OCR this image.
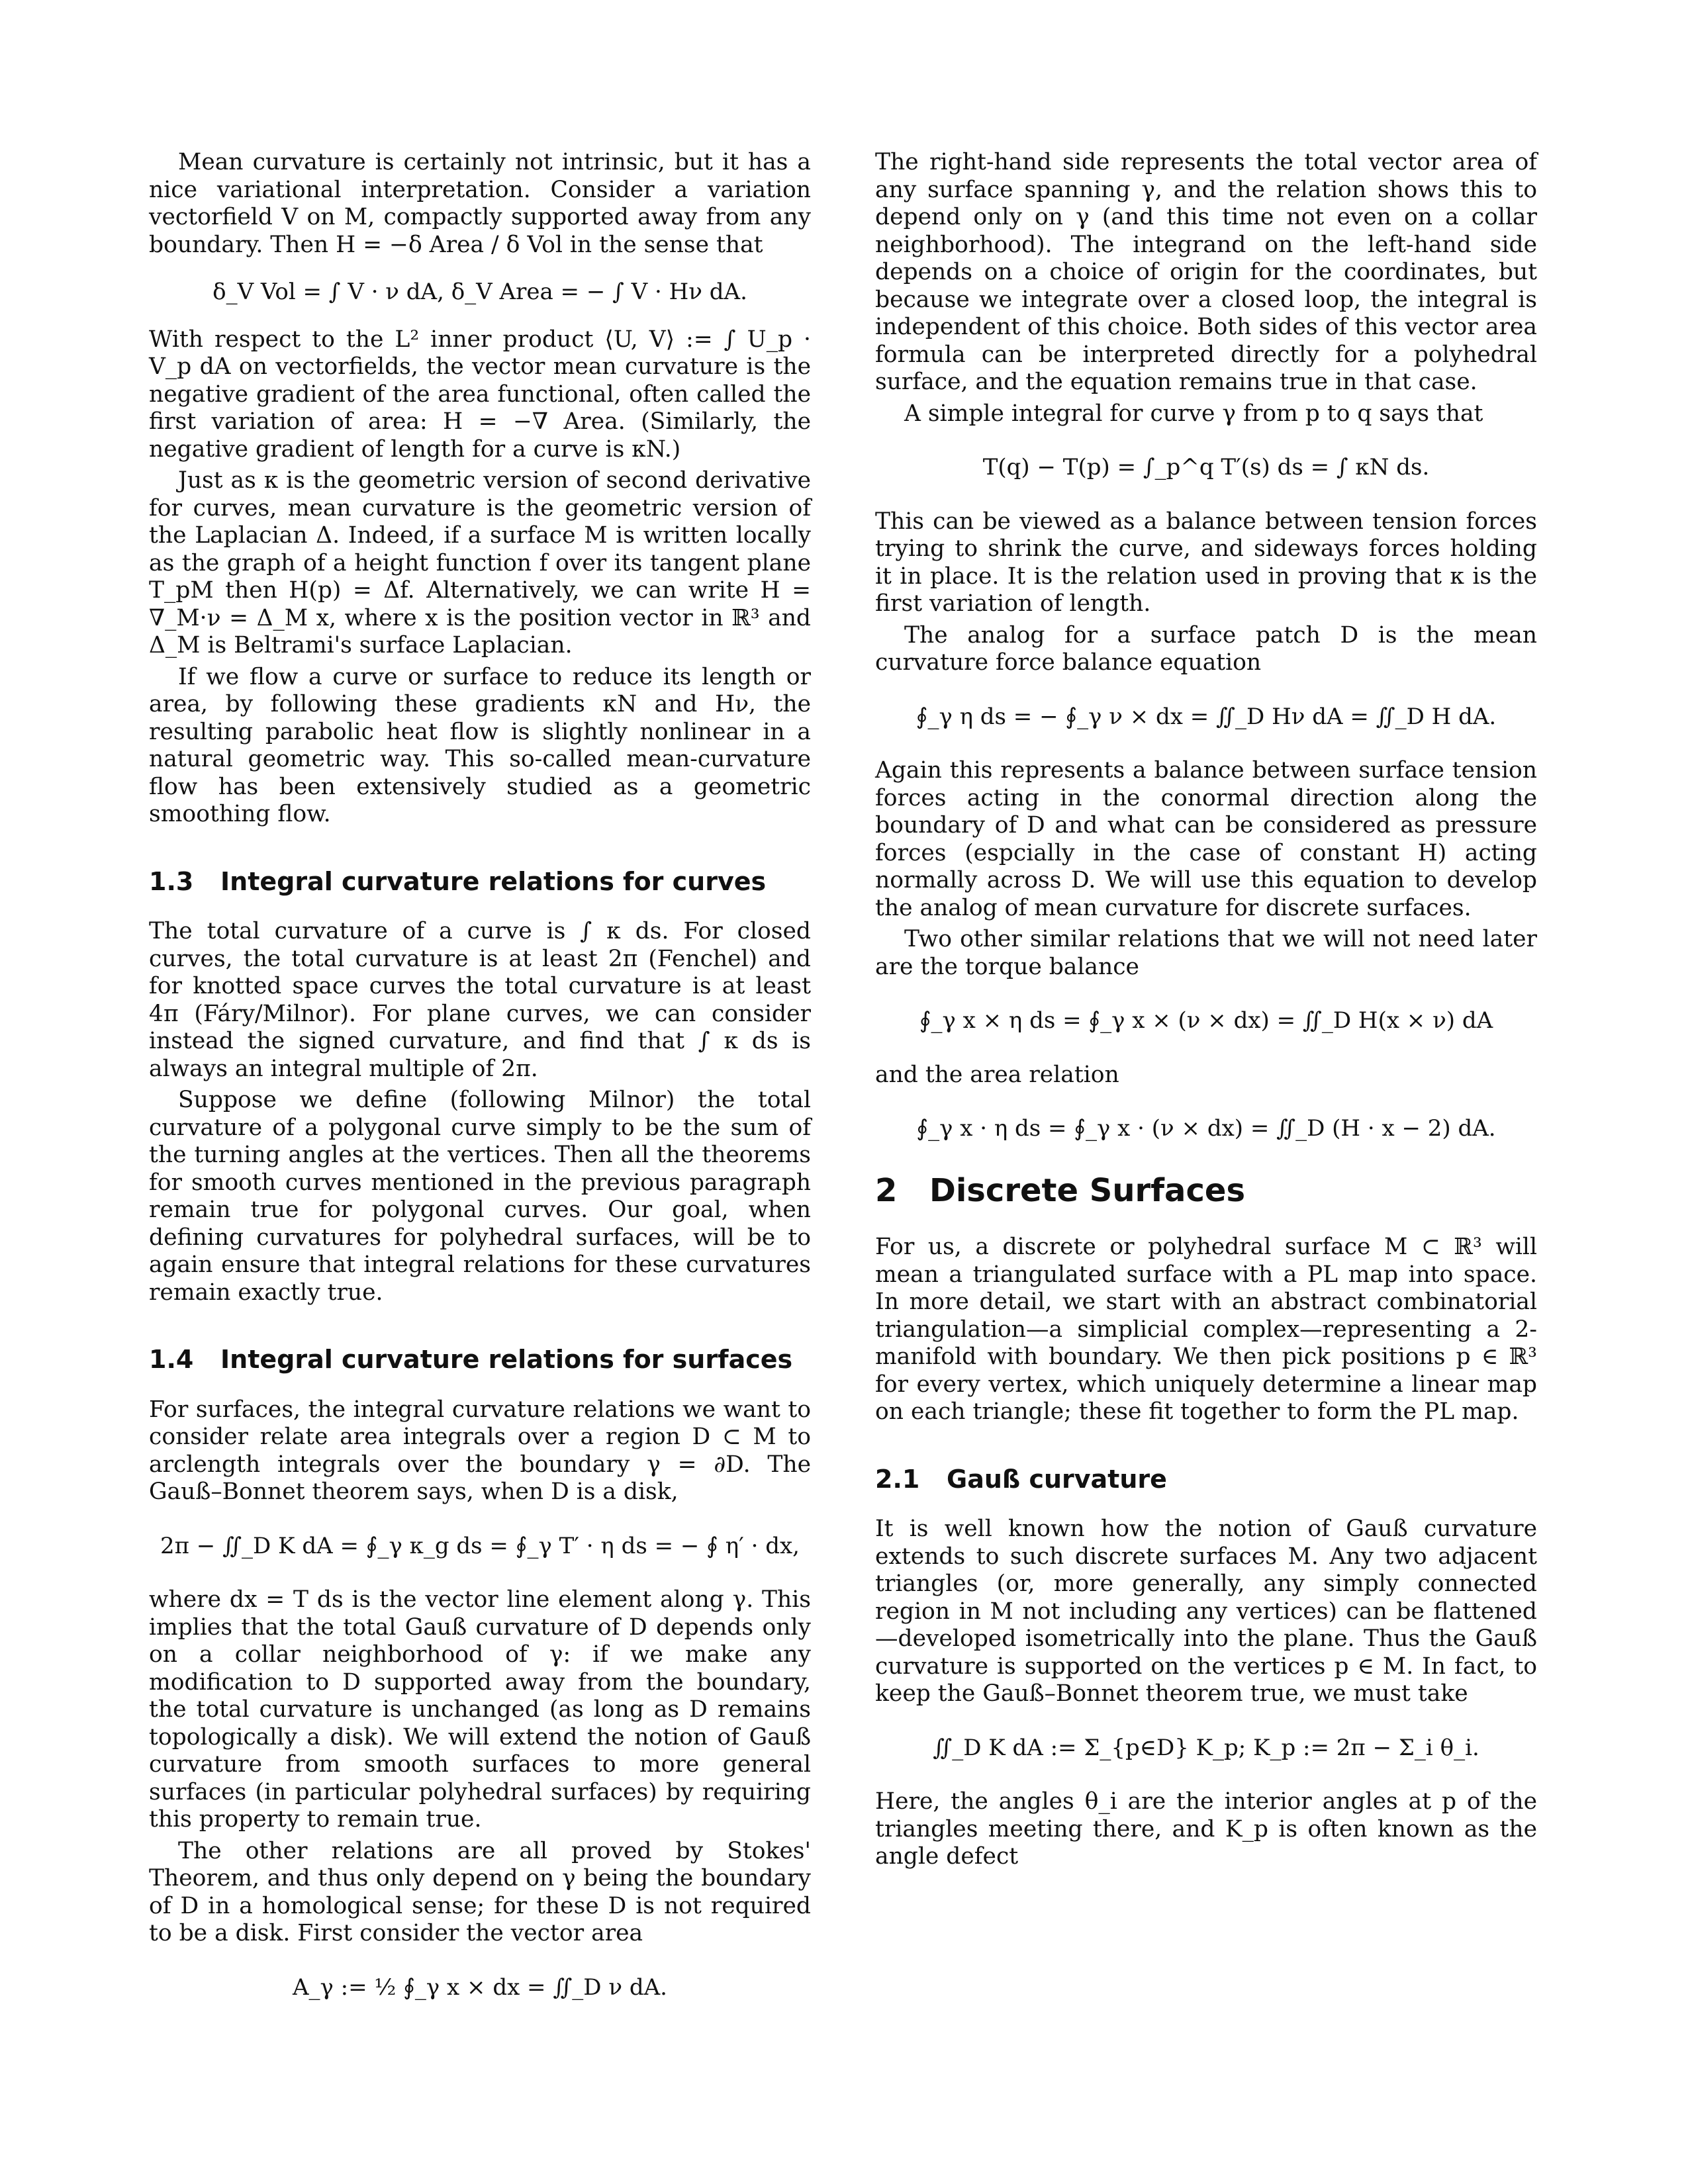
Mean curvature is certainly not intrinsic, but it has a nice variational interpretation. Consider a variation vectorfield V on M, compactly supported away from any boundary. Then H = −δ Area / δ Vol in the sense that

δ_V Vol = ∫ V · ν dA, δ_V Area = − ∫ V · Hν dA.

With respect to the L² inner product ⟨U, V⟩ := ∫ U_p · V_p dA on vectorfields, the vector mean curvature is the negative gradient of the area functional, often called the first variation of area: H = −∇ Area. (Similarly, the negative gradient of length for a curve is κN.)

Just as κ is the geometric version of second derivative for curves, mean curvature is the geometric version of the Laplacian Δ. Indeed, if a surface M is written locally as the graph of a height function f over its tangent plane T_pM then H(p) = Δf. Alternatively, we can write H = ∇_M·ν = Δ_M x, where x is the position vector in ℝ³ and Δ_M is Beltrami's surface Laplacian.

If we flow a curve or surface to reduce its length or area, by following these gradients κN and Hν, the resulting parabolic heat flow is slightly nonlinear in a natural geometric way. This so-called mean-curvature flow has been extensively studied as a geometric smoothing flow.

1.3 Integral curvature relations for curves

The total curvature of a curve is ∫ κ ds. For closed curves, the total curvature is at least 2π (Fenchel) and for knotted space curves the total curvature is at least 4π (Fáry/Milnor). For plane curves, we can consider instead the signed curvature, and find that ∫ κ ds is always an integral multiple of 2π.

Suppose we define (following Milnor) the total curvature of a polygonal curve simply to be the sum of the turning angles at the vertices. Then all the theorems for smooth curves mentioned in the previous paragraph remain true for polygonal curves. Our goal, when defining curvatures for polyhedral surfaces, will be to again ensure that integral relations for these curvatures remain exactly true.

1.4 Integral curvature relations for surfaces

For surfaces, the integral curvature relations we want to consider relate area integrals over a region D ⊂ M to arclength integrals over the boundary γ = ∂D. The Gauß–Bonnet theorem says, when D is a disk,

2π − ∬_D K dA = ∮_γ κ_g ds = ∮_γ T′ · η ds = − ∮ η′ · dx,

where dx = T ds is the vector line element along γ. This implies that the total Gauß curvature of D depends only on a collar neighborhood of γ: if we make any modification to D supported away from the boundary, the total curvature is unchanged (as long as D remains topologically a disk). We will extend the notion of Gauß curvature from smooth surfaces to more general surfaces (in particular polyhedral surfaces) by requiring this property to remain true.

The other relations are all proved by Stokes' Theorem, and thus only depend on γ being the boundary of D in a homological sense; for these D is not required to be a disk. First consider the vector area

A_γ := ½ ∮_γ x × dx = ∬_D ν dA.

The right-hand side represents the total vector area of any surface spanning γ, and the relation shows this to depend only on γ (and this time not even on a collar neighborhood). The integrand on the left-hand side depends on a choice of origin for the coordinates, but because we integrate over a closed loop, the integral is independent of this choice. Both sides of this vector area formula can be interpreted directly for a polyhedral surface, and the equation remains true in that case.

A simple integral for curve γ from p to q says that

T(q) − T(p) = ∫_p^q T′(s) ds = ∫ κN ds.

This can be viewed as a balance between tension forces trying to shrink the curve, and sideways forces holding it in place. It is the relation used in proving that κ is the first variation of length.

The analog for a surface patch D is the mean curvature force balance equation

∮_γ η ds = − ∮_γ ν × dx = ∬_D Hν dA = ∬_D H dA.

Again this represents a balance between surface tension forces acting in the conormal direction along the boundary of D and what can be considered as pressure forces (espcially in the case of constant H) acting normally across D. We will use this equation to develop the analog of mean curvature for discrete surfaces.

Two other similar relations that we will not need later are the torque balance

∮_γ x × η ds = ∮_γ x × (ν × dx) = ∬_D H(x × ν) dA

and the area relation

∮_γ x · η ds = ∮_γ x · (ν × dx) = ∬_D (H · x − 2) dA.
2 Discrete Surfaces

For us, a discrete or polyhedral surface M ⊂ ℝ³ will mean a triangulated surface with a PL map into space. In more detail, we start with an abstract combinatorial triangulation—a simplicial complex—representing a 2-manifold with boundary. We then pick positions p ∈ ℝ³ for every vertex, which uniquely determine a linear map on each triangle; these fit together to form the PL map.

2.1 Gauß curvature

It is well known how the notion of Gauß curvature extends to such discrete surfaces M. Any two adjacent triangles (or, more generally, any simply connected region in M not including any vertices) can be flattened—developed isometrically into the plane. Thus the Gauß curvature is supported on the vertices p ∈ M. In fact, to keep the Gauß–Bonnet theorem true, we must take

∬_D K dA := Σ_{p∈D} K_p; K_p := 2π − Σ_i θ_i.

Here, the angles θ_i are the interior angles at p of the triangles meeting there, and K_p is often known as the angle defect
